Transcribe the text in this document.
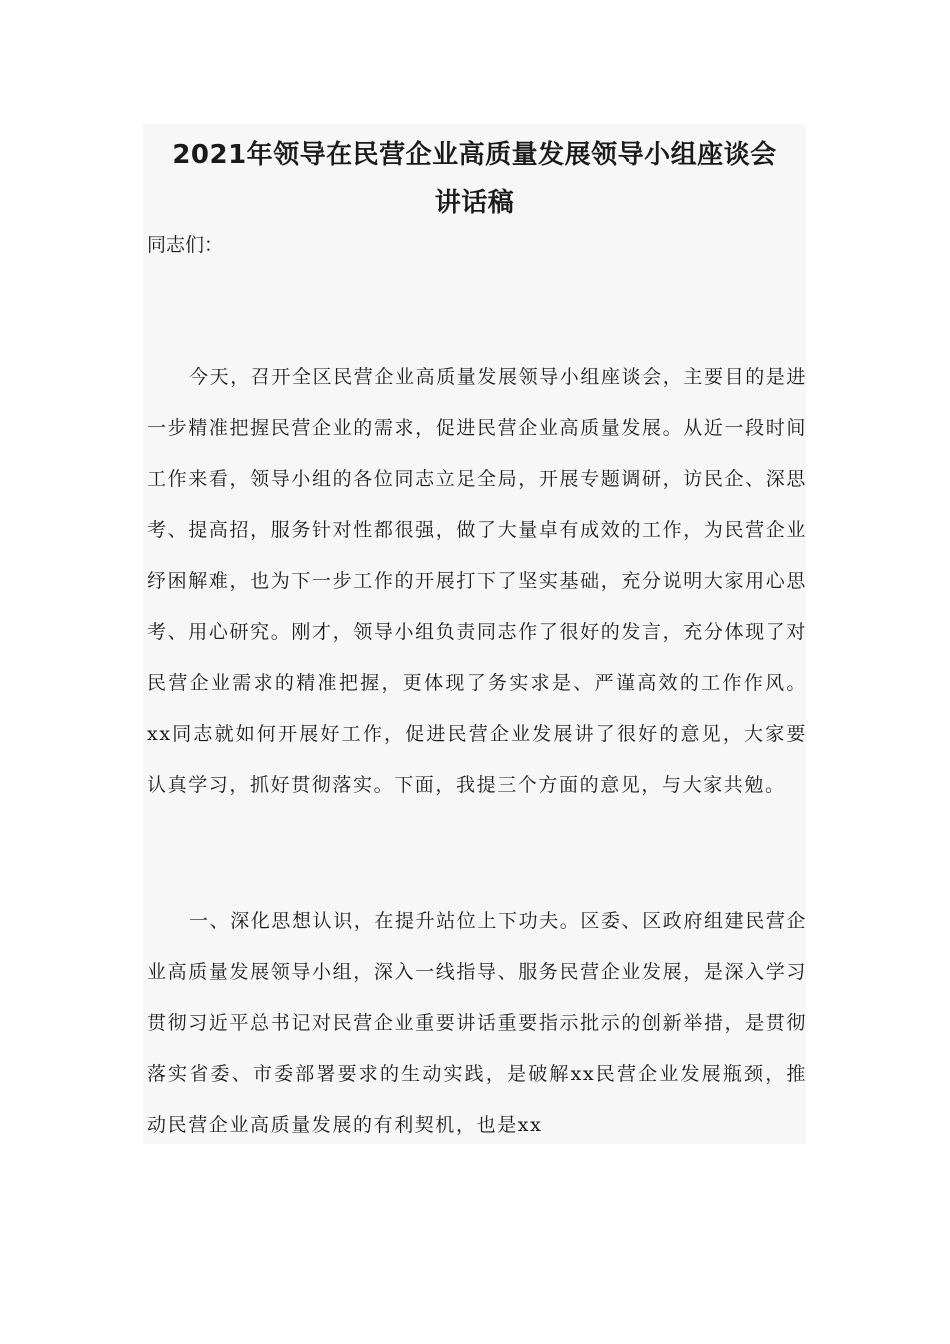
2021年领导在民营企业高质量发展领导小组座谈会
讲话稿

同志们：

今天，召开全区民营企业高质量发展领导小组座谈会，主要目的是进一步精准把握民营企业的需求，促进民营企业高质量发展。从近一段时间工作来看，领导小组的各位同志立足全局，开展专题调研，访民企、深思考、提高招，服务针对性都很强，做了大量卓有成效的工作，为民营企业纾困解难，也为下一步工作的开展打下了坚实基础，充分说明大家用心思考、用心研究。刚才，领导小组负责同志作了很好的发言，充分体现了对民营企业需求的精准把握，更体现了务实求是、严谨高效的工作作风。xx同志就如何开展好工作，促进民营企业发展讲了很好的意见，大家要认真学习，抓好贯彻落实。下面，我提三个方面的意见，与大家共勉。

一、深化思想认识，在提升站位上下功夫。区委、区政府组建民营企业高质量发展领导小组，深入一线指导、服务民营企业发展，是深入学习贯彻习近平总书记对民营企业重要讲话重要指示批示的创新举措，是贯彻落实省委、市委部署要求的生动实践，是破解xx民营企业发展瓶颈，推动民营企业高质量发展的有利契机，也是xx
